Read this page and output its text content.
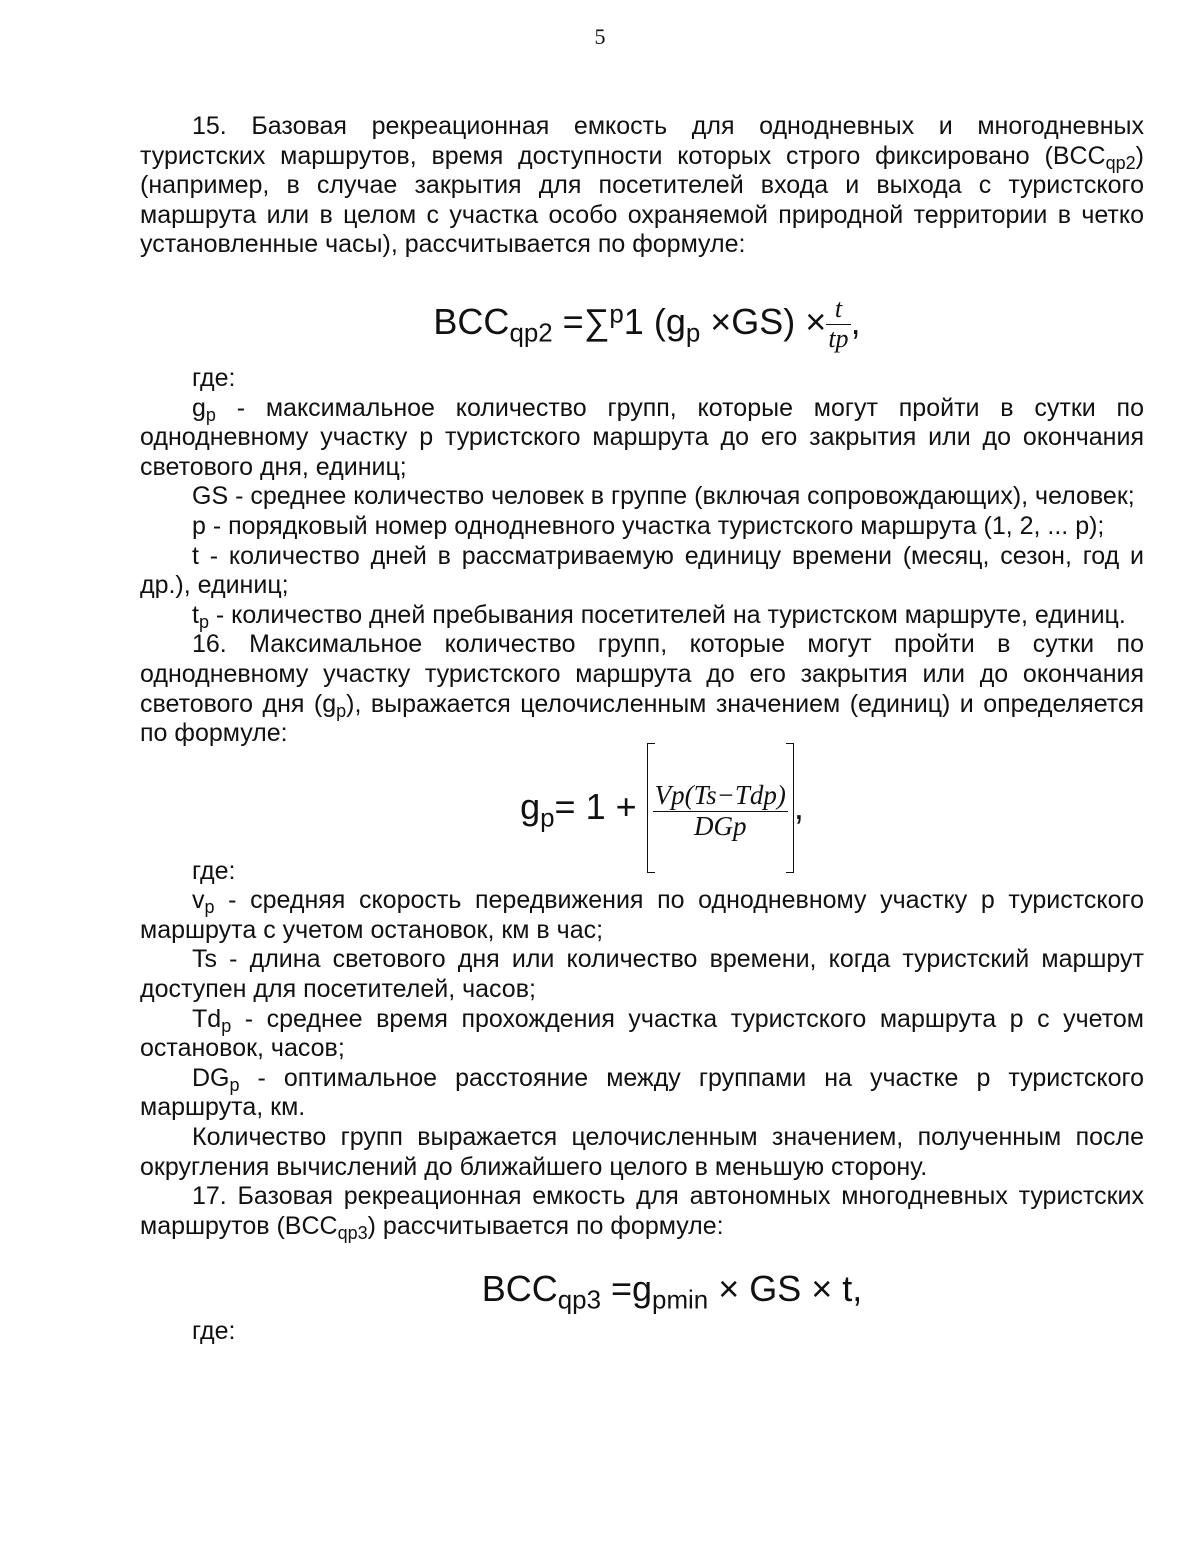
5

15. Базовая рекреационная емкость для однодневных и многодневных туристских маршрутов, время доступности которых строго фиксировано $(BCC_{qp2})$ (например, в случае закрытия для посетителей входа и выхода с туристского маршрута или в целом с участка особо охраняемой природной территории в четко установленные часы), рассчитывается по формуле:

$BCC_{qp2} =\sum^p1$ $(g_p \times GS) \times \frac{t}{tp}$ ,

где:

$g_p$ - максимальное количество групп, которые могут пройти в сутки по однодневному участку p туристского маршрута до его закрытия или до окончания светового дня, единиц;

GS - среднее количество человек в группе (включая сопровождающих), человек;

p - порядковый номер однодневного участка туристского маршрута (1, 2, ... p);

t - количество дней в рассматриваемую единицу времени (месяц, сезон, год и др.), единиц;

$t_p$ - количество дней пребывания посетителей на туристском маршруте, единиц.

16. Максимальное количество групп, которые могут пройти в сутки по однодневному участку туристского маршрута до его закрытия или до окончания светового дня $(g_p)$, выражается целочисленным значением (единиц) и определяется по формуле:

$g_p= 1 + \frac{\text{Vp(Ts−Tdp)}}{\text{DGp}}$ ,

где:

$v_p$ - средняя скорость передвижения по однодневному участку p туристского маршрута с учетом остановок, км в час;

Ts - длина светового дня или количество времени, когда туристский маршрут доступен для посетителей, часов;

$Td_p$ - среднее время прохождения участка туристского маршрута p с учетом остановок, часов;

$DG_p$ - оптимальное расстояние между группами на участке p туристского маршрута, км.

Количество групп выражается целочисленным значением, полученным после округления вычислений до ближайшего целого в меньшую сторону.

17. Базовая рекреационная емкость для автономных многодневных туристских маршрутов $(BCC_{qp3})$ рассчитывается по формуле:

$BCC_{qp3} =g_{pmin}$ × GS × t,

где:
